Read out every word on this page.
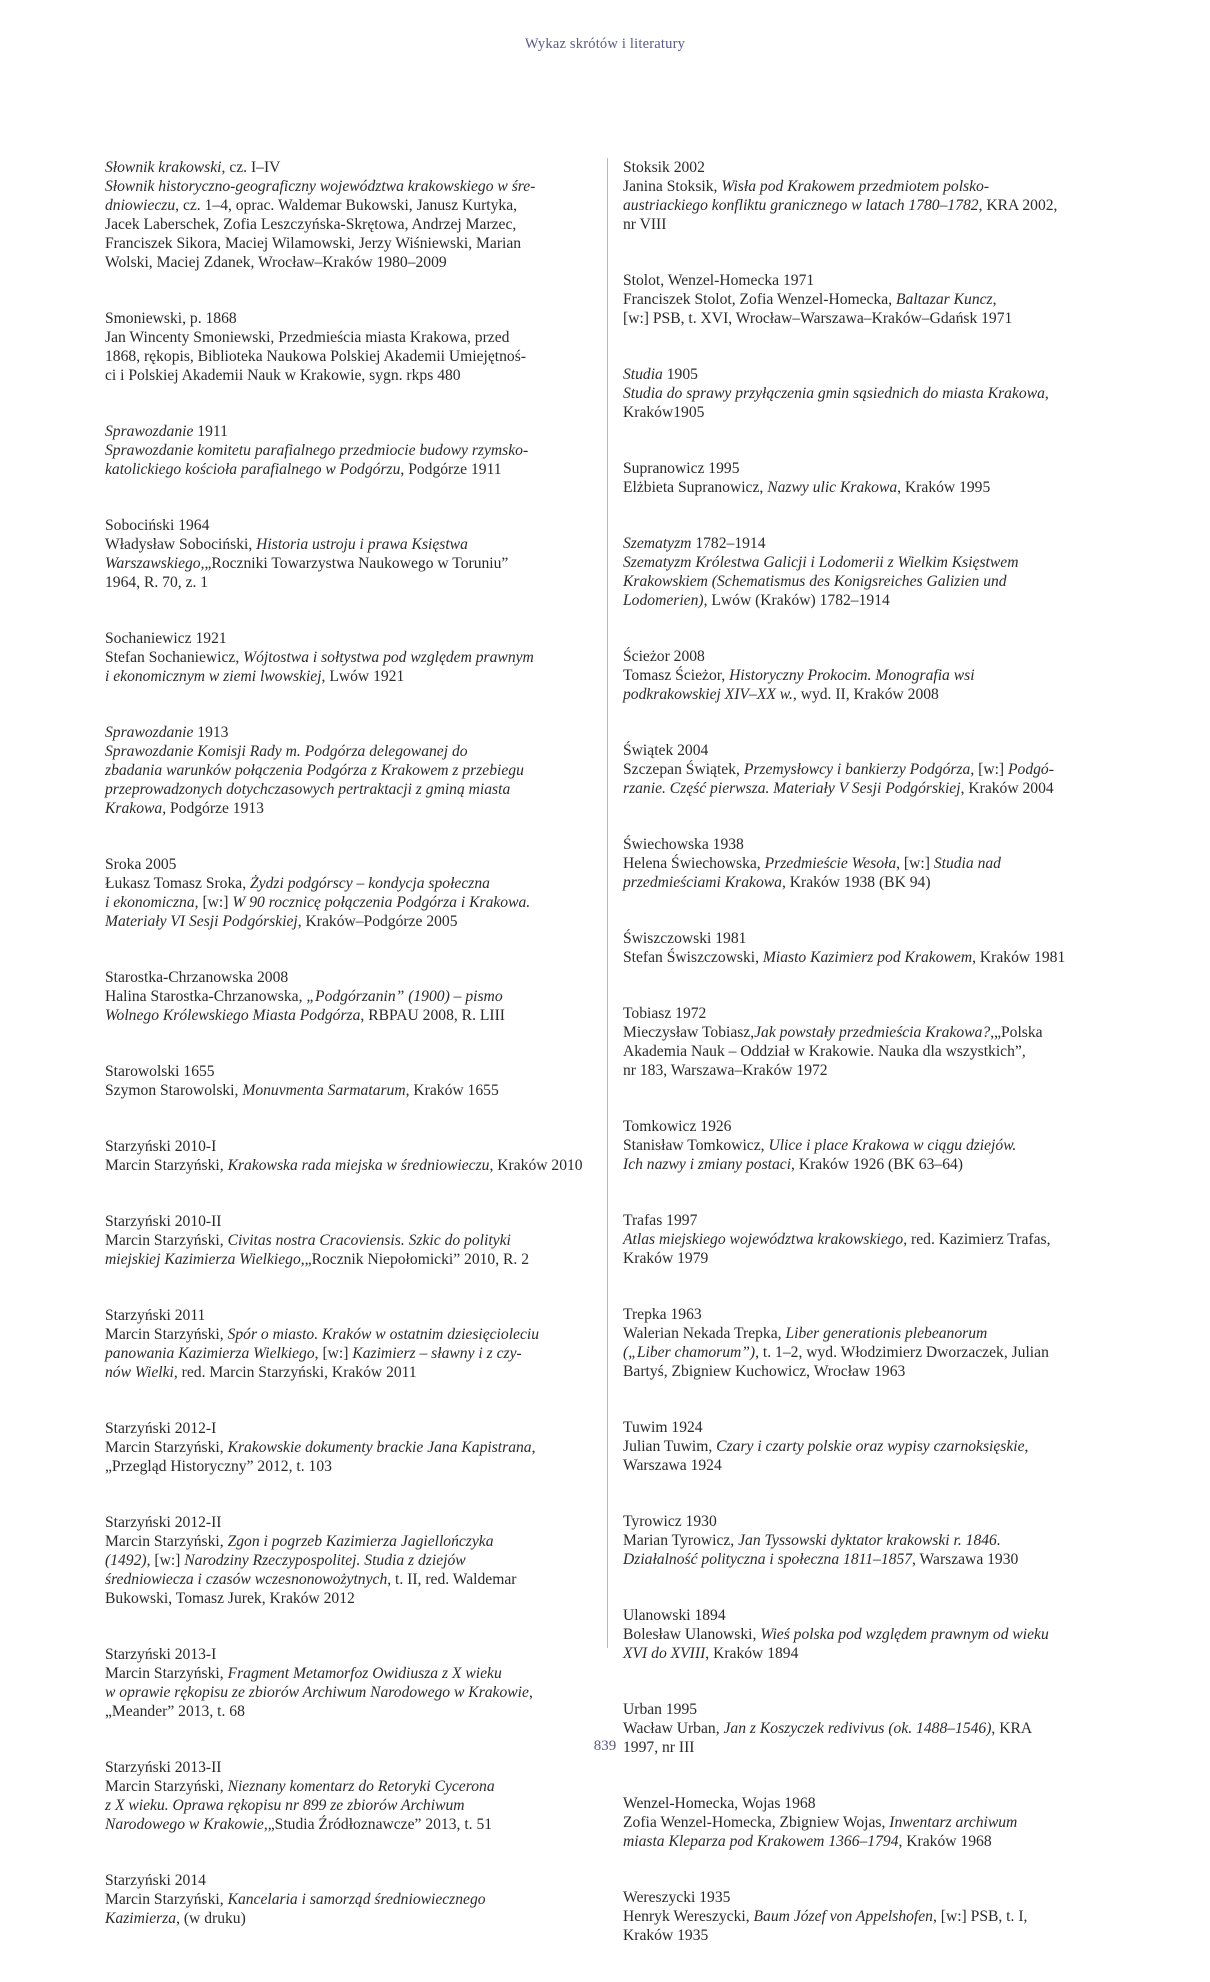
Wykaz skrótów i literatury
Słownik krakowski, cz. I–IV
Słownik historyczno-geograficzny województwa krakowskiego w śre-
dniowieczu, cz. 1–4, oprac. Waldemar Bukowski, Janusz Kurtyka,
Jacek Laberschek, Zofia Leszczyńska-Skrętowa, Andrzej Marzec,
Franciszek Sikora, Maciej Wilamowski, Jerzy Wiśniewski, Marian
Wolski, Maciej Zdanek, Wrocław–Kraków 1980–2009
Smoniewski, p. 1868
Jan Wincenty Smoniewski, Przedmieścia miasta Krakowa, przed
1868, rękopis, Biblioteka Naukowa Polskiej Akademii Umiejętnoś-
ci i Polskiej Akademii Nauk w Krakowie, sygn. rkps 480
Sprawozdanie 1911
Sprawozdanie komitetu parafialnego przedmiocie budowy rzymsko-
katolickiego kościoła parafialnego w Podgórzu, Podgórze 1911
Sobociński 1964
Władysław Sobociński, Historia ustroju i prawa Księstwa
Warszawskiego,„Roczniki Towarzystwa Naukowego w Toruniu”
1964, R. 70, z. 1
Sochaniewicz 1921
Stefan Sochaniewicz, Wójtostwa i sołtystwa pod względem prawnym
i ekonomicznym w ziemi lwowskiej, Lwów 1921
Sprawozdanie 1913
Sprawozdanie Komisji Rady m. Podgórza delegowanej do
zbadania warunków połączenia Podgórza z Krakowem z przebiegu
przeprowadzonych dotychczasowych pertraktacji z gminą miasta
Krakowa, Podgórze 1913
Sroka 2005
Łukasz Tomasz Sroka, Żydzi podgórscy – kondycja społeczna
i ekonomiczna, [w:] W 90 rocznicę połączenia Podgórza i Krakowa.
Materiały VI Sesji Podgórskiej, Kraków–Podgórze 2005
Starostka-Chrzanowska 2008
Halina Starostka-Chrzanowska, „Podgórzanin” (1900) – pismo
Wolnego Królewskiego Miasta Podgórza, RBPAU 2008, R. LIII
Starowolski 1655
Szymon Starowolski, Monuvmenta Sarmatarum, Kraków 1655
Starzyński 2010-I
Marcin Starzyński, Krakowska rada miejska w średniowieczu, Kraków 2010
Starzyński 2010-II
Marcin Starzyński, Civitas nostra Cracoviensis. Szkic do polityki
miejskiej Kazimierza Wielkiego,„Rocznik Niepołomicki” 2010, R. 2
Starzyński 2011
Marcin Starzyński, Spór o miasto. Kraków w ostatnim dziesięcioleciu
panowania Kazimierza Wielkiego, [w:] Kazimierz – sławny i z czy-
nów Wielki, red. Marcin Starzyński, Kraków 2011
Starzyński 2012-I
Marcin Starzyński, Krakowskie dokumenty brackie Jana Kapistrana,
„Przegląd Historyczny” 2012, t. 103
Starzyński 2012-II
Marcin Starzyński, Zgon i pogrzeb Kazimierza Jagiellończyka
(1492), [w:] Narodziny Rzeczypospolitej. Studia z dziejów
średniowiecza i czasów wczesnonowożytnych, t. II, red. Waldemar
Bukowski, Tomasz Jurek, Kraków 2012
Starzyński 2013-I
Marcin Starzyński, Fragment Metamorfoz Owidiusza z X wieku
w oprawie rękopisu ze zbiorów Archiwum Narodowego w Krakowie,
„Meander” 2013, t. 68
Starzyński 2013-II
Marcin Starzyński, Nieznany komentarz do Retoryki Cycerona
z X wieku. Oprawa rękopisu nr 899 ze zbiorów Archiwum
Narodowego w Krakowie,„Studia Źródłoznawcze” 2013, t. 51
Starzyński 2014
Marcin Starzyński, Kancelaria i samorząd średniowiecznego
Kazimierza, (w druku)
Stoksik 2002
Janina Stoksik, Wisła pod Krakowem przedmiotem polsko-
austriackiego konfliktu granicznego w latach 1780–1782, KRA 2002,
nr VIII
Stolot, Wenzel-Homecka 1971
Franciszek Stolot, Zofia Wenzel-Homecka, Baltazar Kuncz,
[w:] PSB, t. XVI, Wrocław–Warszawa–Kraków–Gdańsk 1971
Studia 1905
Studia do sprawy przyłączenia gmin sąsiednich do miasta Krakowa,
Kraków1905
Supranowicz 1995
Elżbieta Supranowicz, Nazwy ulic Krakowa, Kraków 1995
Szematyzm 1782–1914
Szematyzm Królestwa Galicji i Lodomerii z Wielkim Księstwem
Krakowskiem (Schematismus des Konigsreiches Galizien und
Lodomerien), Lwów (Kraków) 1782–1914
Ścieżor 2008
Tomasz Ścieżor, Historyczny Prokocim. Monografia wsi
podkrakowskiej XIV–XX w., wyd. II, Kraków 2008
Świątek 2004
Szczepan Świątek, Przemysłowcy i bankierzy Podgórza, [w:] Podgó-
rzanie. Część pierwsza. Materiały V Sesji Podgórskiej, Kraków 2004
Świechowska 1938
Helena Świechowska, Przedmieście Wesoła, [w:] Studia nad
przedmieściami Krakowa, Kraków 1938 (BK 94)
Świszczowski 1981
Stefan Świszczowski, Miasto Kazimierz pod Krakowem, Kraków 1981
Tobiasz 1972
Mieczysław Tobiasz,Jak powstały przedmieścia Krakowa?,„Polska
Akademia Nauk – Oddział w Krakowie. Nauka dla wszystkich”,
nr 183, Warszawa–Kraków 1972
Tomkowicz 1926
Stanisław Tomkowicz, Ulice i place Krakowa w ciągu dziejów.
Ich nazwy i zmiany postaci, Kraków 1926 (BK 63–64)
Trafas 1997
Atlas miejskiego województwa krakowskiego, red. Kazimierz Trafas,
Kraków 1979
Trepka 1963
Walerian Nekada Trepka, Liber generationis plebeanorum
(„Liber chamorum”), t. 1–2, wyd. Włodzimierz Dworzaczek, Julian
Bartyś, Zbigniew Kuchowicz, Wrocław 1963
Tuwim 1924
Julian Tuwim, Czary i czarty polskie oraz wypisy czarnoksięskie,
Warszawa 1924
Tyrowicz 1930
Marian Tyrowicz, Jan Tyssowski dyktator krakowski r. 1846.
Działalność polityczna i społeczna 1811–1857, Warszawa 1930
Ulanowski 1894
Bolesław Ulanowski, Wieś polska pod względem prawnym od wieku
XVI do XVIII, Kraków 1894
Urban 1995
Wacław Urban, Jan z Koszyczek redivivus (ok. 1488–1546), KRA
1997, nr III
Wenzel-Homecka, Wojas 1968
Zofia Wenzel-Homecka, Zbigniew Wojas, Inwentarz archiwum
miasta Kleparza pod Krakowem 1366–1794, Kraków 1968
Wereszycki 1935
Henryk Wereszycki, Baum Józef von Appelshofen, [w:] PSB, t. I,
Kraków 1935
839
